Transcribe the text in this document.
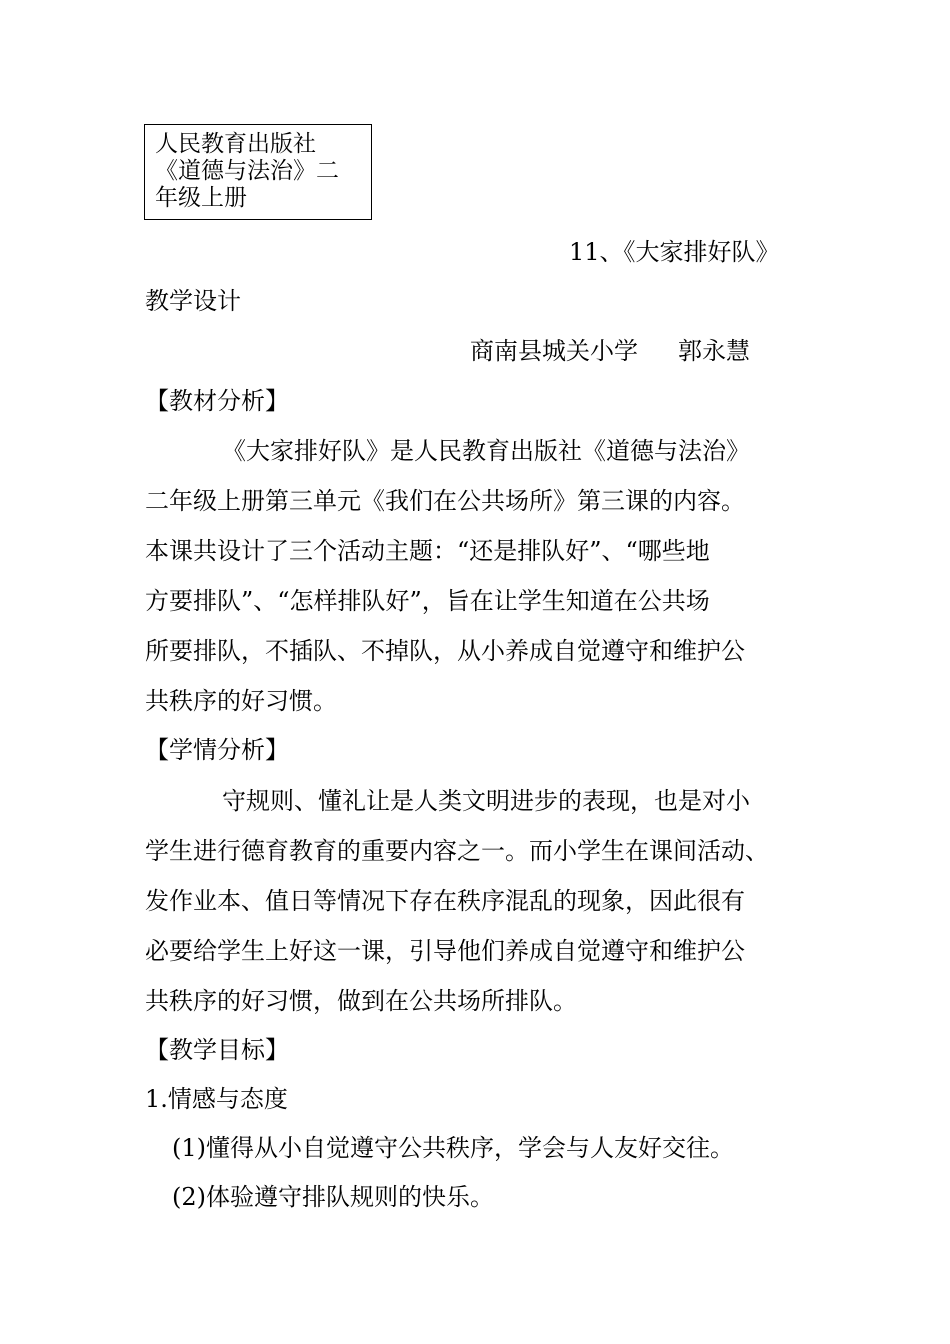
人民教育出版社
《道德与法治》二
年级上册
11、《大家排好队》
教学设计
商南县城关小学 郭永慧
【教材分析】
《大家排好队》是人民教育出版社《道德与法治》
二年级上册第三单元《我们在公共场所》第三课的内容。
本课共设计了三个活动主题：“还是排队好”、“哪些地
方要排队”、“怎样排队好”，旨在让学生知道在公共场
所要排队，不插队、不掉队，从小养成自觉遵守和维护公
共秩序的好习惯。
【学情分析】
守规则、懂礼让是人类文明进步的表现，也是对小
学生进行德育教育的重要内容之一。而小学生在课间活动、
发作业本、值日等情况下存在秩序混乱的现象，因此很有
必要给学生上好这一课，引导他们养成自觉遵守和维护公
共秩序的好习惯，做到在公共场所排队。
【教学目标】
1.情感与态度
(1)懂得从小自觉遵守公共秩序，学会与人友好交往。
(2)体验遵守排队规则的快乐。
